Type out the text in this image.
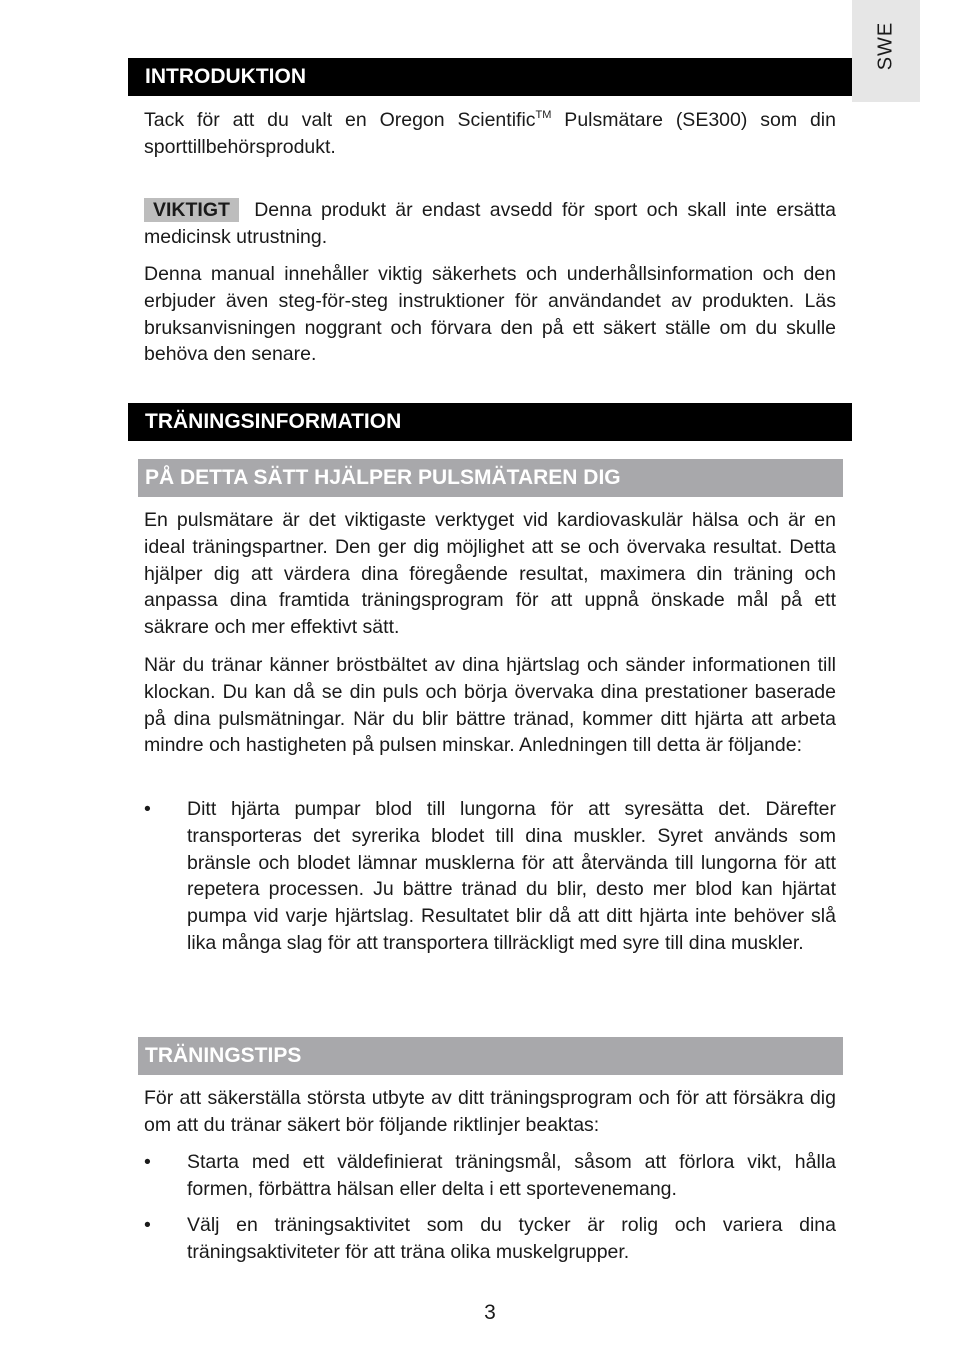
SWE
INTRODUKTION

Tack för att du valt en Oregon Scientific™ Pulsmätare (SE300) som din sporttillbehörsprodukt.

VIKTIGT Denna produkt är endast avsedd för sport och skall inte ersätta medicinsk utrustning.

Denna manual innehåller viktig säkerhets och underhållsinformation och den erbjuder även steg-för-steg instruktioner för användandet av produkten. Läs bruksanvisningen noggrant och förvara den på ett säkert ställe om du skulle behöva den senare.

TRÄNINGSINFORMATION
PÅ DETTA SÄTT HJÄLPER PULSMÄTAREN DIG

En pulsmätare är det viktigaste verktyget vid kardiovaskulär hälsa och är en ideal träningspartner. Den ger dig möjlighet att se och övervaka resultat. Detta hjälper dig att värdera dina föregående resultat, maximera din träning och anpassa dina framtida träningsprogram för att uppnå önskade mål på ett säkrare och mer effektivt sätt.

När du tränar känner bröstbältet av dina hjärtslag och sänder informationen till klockan. Du kan då se din puls och börja övervaka dina prestationer baserade på dina pulsmätningar. När du blir bättre tränad, kommer ditt hjärta att arbeta mindre och hastigheten på pulsen minskar. Anledningen till detta är följande:

•	Ditt hjärta pumpar blod till lungorna för att syresätta det. Därefter transporteras det syrerika blodet till dina muskler. Syret används som bränsle och blodet lämnar musklerna för att återvända till lungorna för att repetera processen. Ju bättre tränad du blir, desto mer blod kan hjärtat pumpa vid varje hjärtslag. Resultatet blir då att ditt hjärta inte behöver slå lika många slag för att transportera tillräckligt med syre till dina muskler.

TRÄNINGSTIPS

För att säkerställa största utbyte av ditt träningsprogram och för att försäkra dig om att du tränar säkert bör följande riktlinjer beaktas:

•	Starta med ett väldefinierat träningsmål, såsom att förlora vikt, hålla formen, förbättra hälsan eller delta i ett sportevenemang.

•	Välj en träningsaktivitet som du tycker är rolig och variera dina träningsaktiviteter för att träna olika muskelgrupper.

3
